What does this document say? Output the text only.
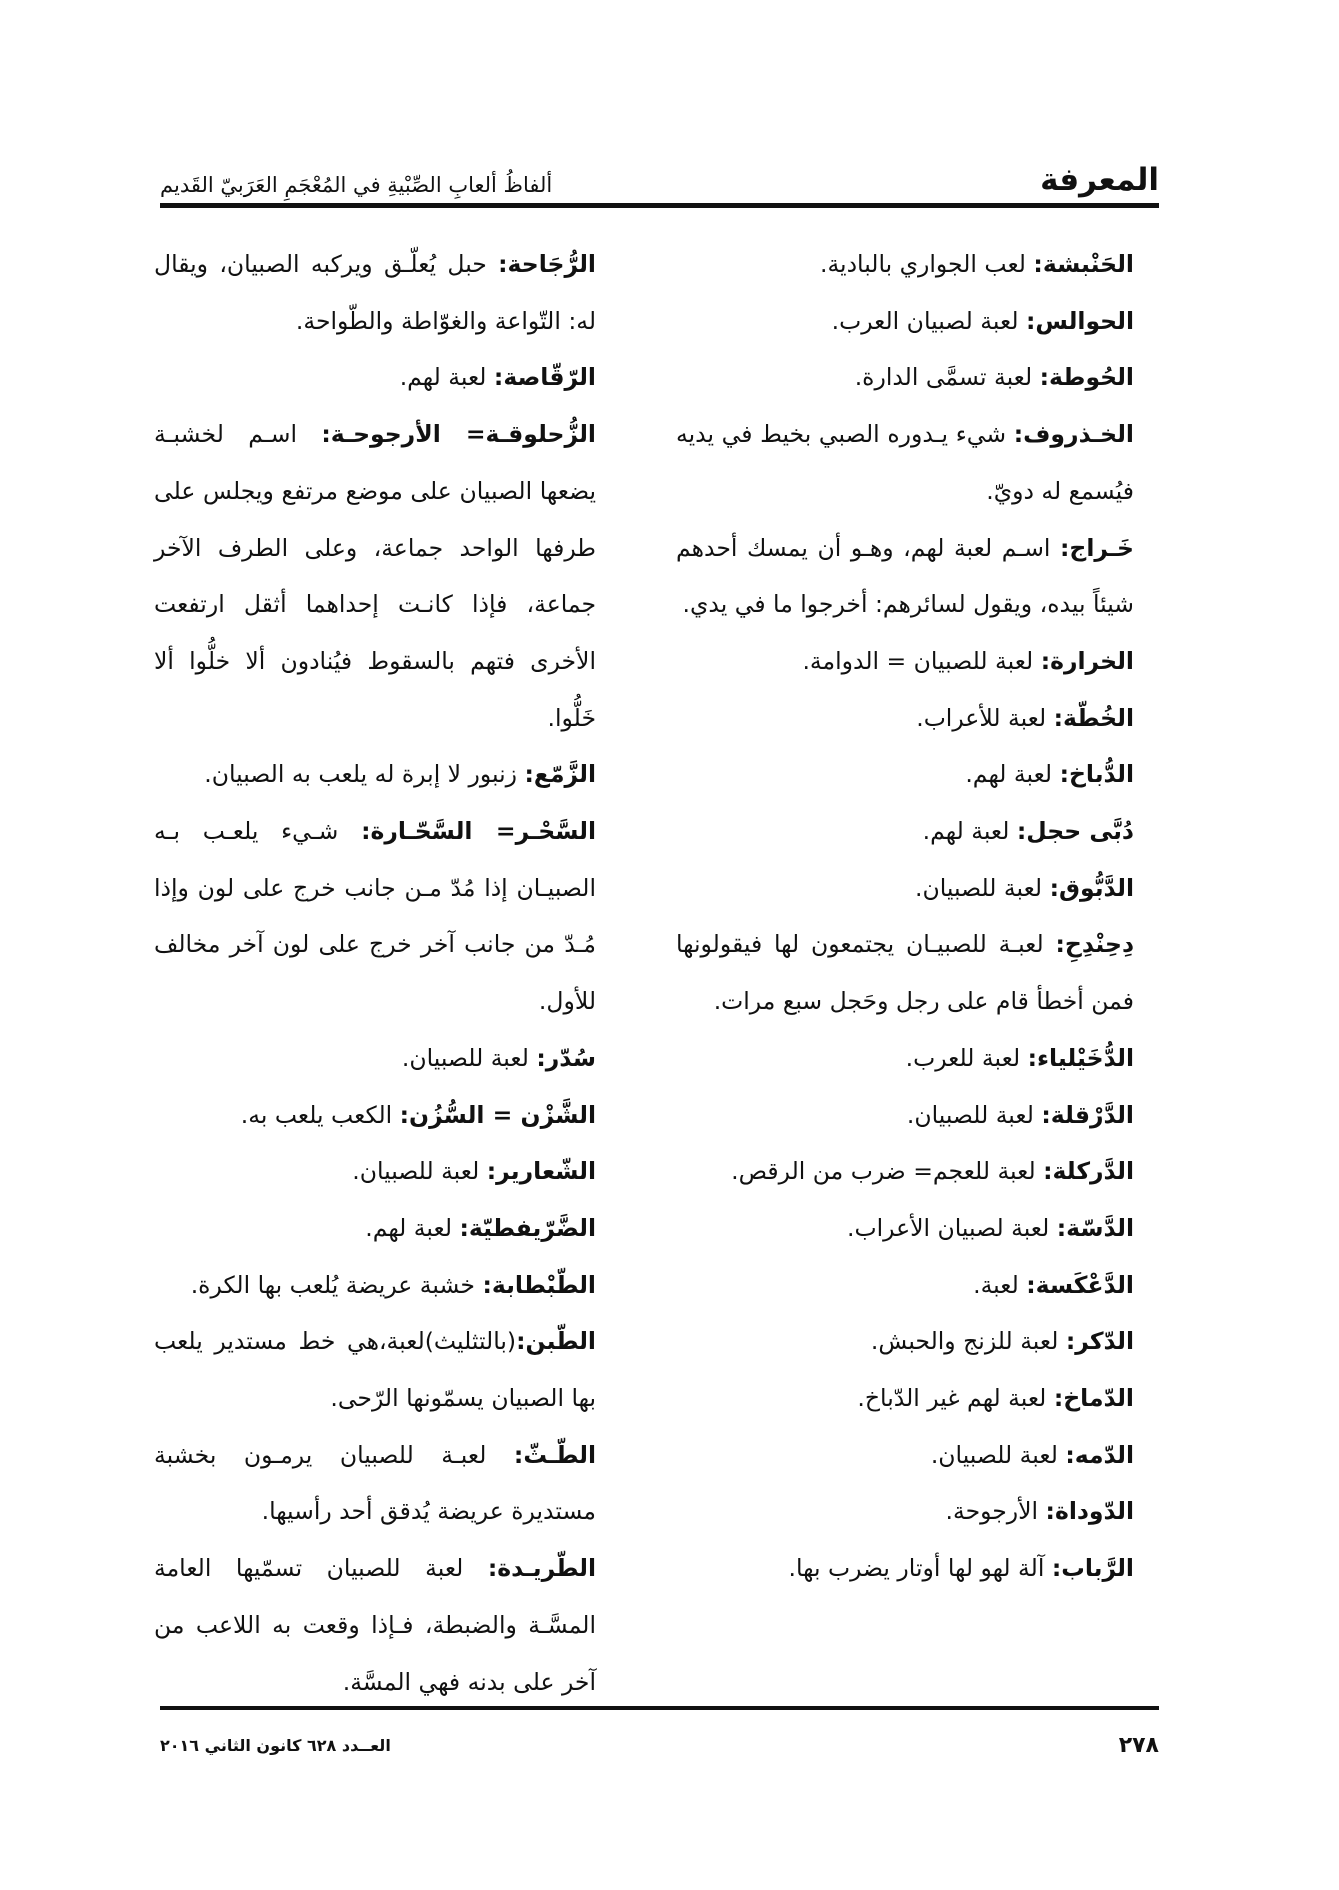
المعرفة
ألفاظُ ألعابِ الصِّبْيةِ في المُعْجَمِ العَرَبيّ القَديم

الحَنْبشة: لعب الجواري بالبادية.

الحوالس: لعبة لصبيان العرب.

الحُوطة: لعبة تسمَّى الدارة.

الخـذروف: شيء يـدوره الصبي بخيط في يديه فيُسمع له دويّ.

خَـراج: اسـم لعبة لهم، وهـو أن يمسك أحدهم شيئاً بيده، ويقول لسائرهم: أخرجوا ما في يدي.

الخرارة: لعبة للصبيان = الدوامة.

الخُطّة: لعبة للأعراب.

الدُّباخ: لعبة لهم.

دُبَّى حجل: لعبة لهم.

الدَّبُّوق: لعبة للصبيان.

دِحِنْدِحِ: لعبـة للصبيـان يجتمعون لها فيقولونها فمن أخطأ قام على رجل وحَجل سبع مرات.

الدُّخَيْلياء: لعبة للعرب.

الدَّرْقلة: لعبة للصبيان.

الدَّركلة: لعبة للعجم= ضرب من الرقص.

الدَّسّة: لعبة لصبيان الأعراب.

الدَّعْكَسة: لعبة.

الدّكر: لعبة للزنج والحبش.

الدّماخ: لعبة لهم غير الدّباخ.

الدّمه: لعبة للصبيان.

الدّوداة: الأرجوحة.

الرَّباب: آلة لهو لها أوتار يضرب بها.

الرُّجَاحة: حبل يُعلّـق ويركبه الصبيان، ويقال له: التّواعة والغوّاطة والطّواحة.

الرّقّاصة: لعبة لهم.

الزُّحلوقـة= الأرجوحـة: اسـم لخشبـة يضعها الصبيان على موضع مرتفع ويجلس على طرفها الواحد جماعة، وعلى الطرف الآخر جماعة، فإذا كانـت إحداهما أثقل ارتفعت الأخرى فتهم بالسقوط فيُنادون ألا خلُّوا ألا خَلُّوا.

الزَّمّع: زنبور لا إبرة له يلعب به الصبيان.

السَّحْـر= السَّحّـارة: شـيء يلعـب بـه الصبيـان إذا مُدّ مـن جانب خرج على لون وإذا مُـدّ من جانب آخر خرج على لون آخر مخالف للأول.

سُدّر: لعبة للصبيان.

الشَّزْن = السُّزُن: الكعب يلعب به.

الشّعارير: لعبة للصبيان.

الضَّرّيفطيّة: لعبة لهم.

الطّبْطابة: خشبة عريضة يُلعب بها الكرة.

الطّبن:(بالتثليث)لعبة،هي خط مستدير يلعب بها الصبيان يسمّونها الرّحى.

الطّـثّ: لعبـة للصبيان يرمـون بخشبة مستديرة عريضة يُدقق أحد رأسيها.

الطّريـدة: لعبة للصبيان تسمّيها العامة المسَّـة والضبطة، فـإذا وقعت به اللاعب من آخر على بدنه فهي المسَّة.

٢٧٨
العــدد ٦٢٨ كانون الثاني ٢٠١٦
